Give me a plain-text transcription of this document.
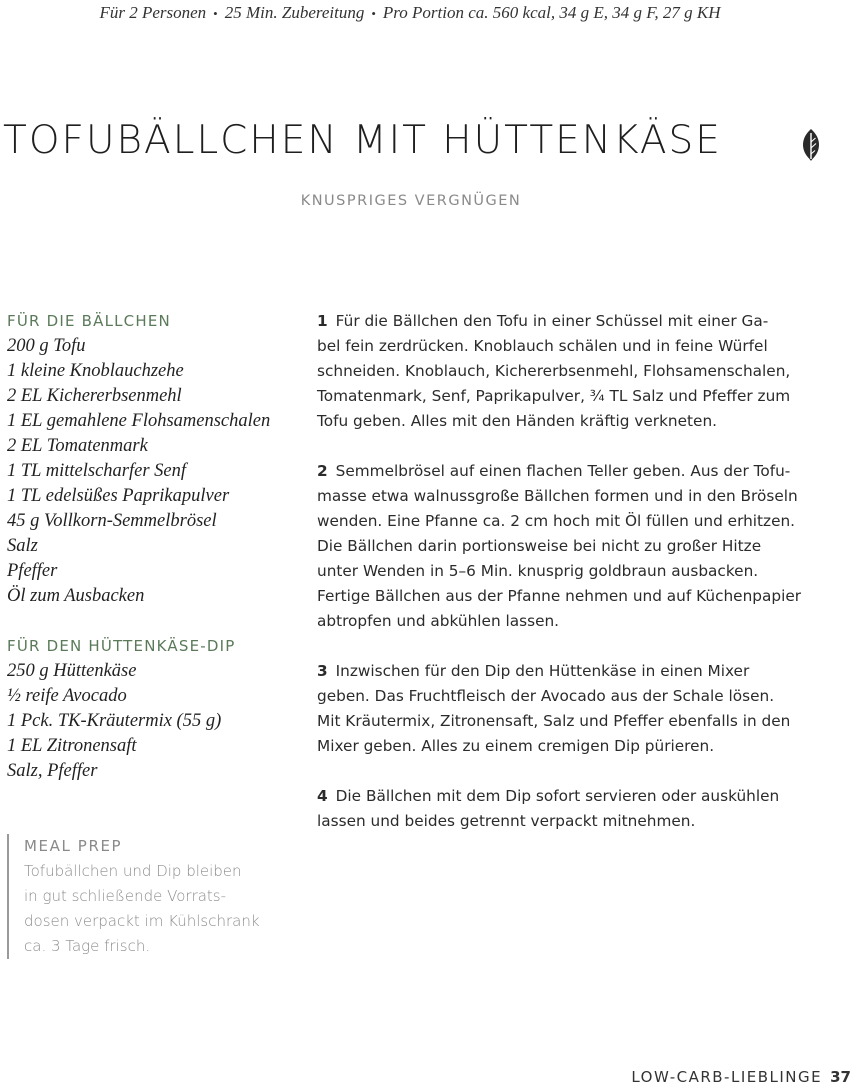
Für 2 Personen • 25 Min. Zubereitung • Pro Portion ca. 560 kcal, 34 g E, 34 g F, 27 g KH
TOFUBÄLLCHEN MIT HÜTTENKÄSE
KNUSPRIGES VERGNÜGEN
FÜR DIE BÄLLCHEN
200 g Tofu
1 kleine Knoblauchzehe
2 EL Kichererbsenmehl
1 EL gemahlene Flohsamenschalen
2 EL Tomatenmark
1 TL mittelscharfer Senf
1 TL edelsüßes Paprikapulver
45 g Vollkorn-Semmelbrösel
Salz
Pfeffer
Öl zum Ausbacken
FÜR DEN HÜTTENKÄSE-DIP
250 g Hüttenkäse
½ reife Avocado
1 Pck. TK-Kräutermix (55 g)
1 EL Zitronensaft
Salz, Pfeffer
MEAL PREP
Tofubällchen und Dip bleiben
in gut schließende Vorrats-
dosen verpackt im Kühlschrank
ca. 3 Tage frisch.
1 Für die Bällchen den Tofu in einer Schüssel mit einer Ga-
bel fein zerdrücken. Knoblauch schälen und in feine Würfel
schneiden. Knoblauch, Kichererbsenmehl, Flohsamenschalen,
Tomatenmark, Senf, Paprikapulver, ¾ TL Salz und Pfeffer zum
Tofu geben. Alles mit den Händen kräftig verkneten.
2 Semmelbrösel auf einen flachen Teller geben. Aus der Tofu-
masse etwa walnussgroße Bällchen formen und in den Bröseln
wenden. Eine Pfanne ca. 2 cm hoch mit Öl füllen und erhitzen.
Die Bällchen darin portionsweise bei nicht zu großer Hitze
unter Wenden in 5–6 Min. knusprig goldbraun ausbacken.
Fertige Bällchen aus der Pfanne nehmen und auf Küchenpapier
abtropfen und abkühlen lassen.
3 Inzwischen für den Dip den Hüttenkäse in einen Mixer
geben. Das Fruchtfleisch der Avocado aus der Schale lösen.
Mit Kräutermix, Zitronensaft, Salz und Pfeffer ebenfalls in den
Mixer geben. Alles zu einem cremigen Dip pürieren.
4 Die Bällchen mit dem Dip sofort servieren oder auskühlen
lassen und beides getrennt verpackt mitnehmen.
LOW-CARB-LIEBLINGE 37
